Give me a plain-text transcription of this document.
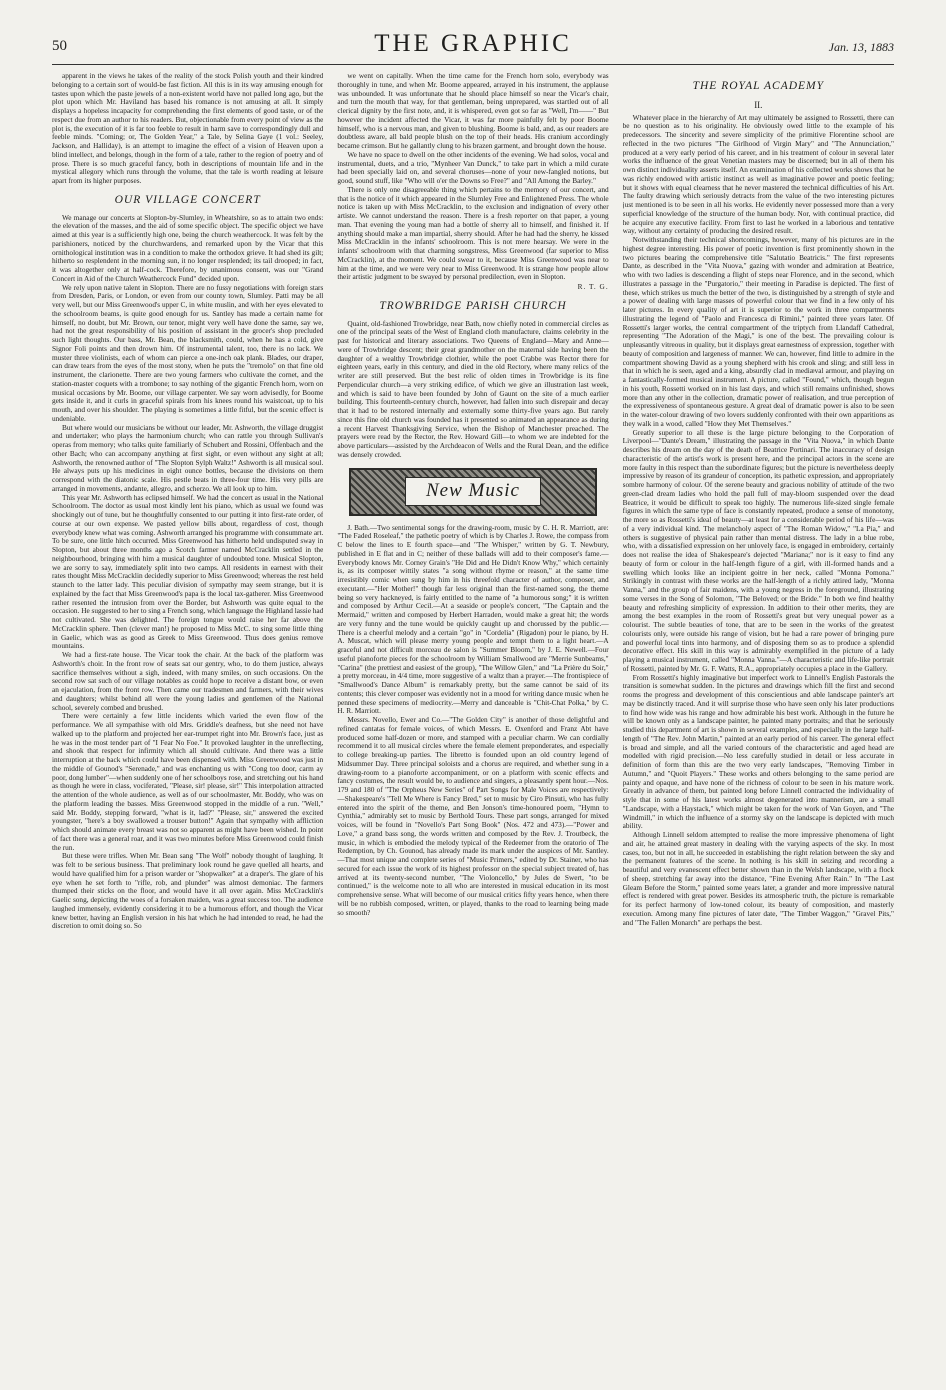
50	THE GRAPHIC	Jan. 13, 1883

apparent in the views he takes of the reality of the stock Polish youth and their kindred belonging to a certain sort of would-be fast fiction. All this is in its way amusing enough for tastes upon which the paste jewels of a non-existent world have not palled long ago, but the plot upon which Mr. Haviland has based his romance is not amusing at all. It simply displays a hopeless incapacity for comprehending the first elements of good taste, or of the respect due from an author to his readers. But, objectionable from every point of view as the plot is, the execution of it is far too feeble to result in harm save to correspondingly dull and feeble minds. "Coming; or, The Golden Year," a Tale, by Selina Gaye (1 vol.: Seeley, Jackson, and Halliday), is an attempt to imagine the effect of a vision of Heaven upon a blind intellect, and belongs, though in the form of a tale, rather to the region of poetry and of prose. There is so much graceful fancy, both in descriptions of mountain life and in the mystical allegory which runs through the volume, that the tale is worth reading at leisure apart from its higher purposes.

OUR VILLAGE CONCERT

We manage our concerts at Slopton-by-Slumley, in Wheatshire, so as to attain two ends: the elevation of the masses, and the aid of some specific object. The specific object we have aimed at this year is a sufficiently high one, being the church weathercock. It was felt by the parishioners, noticed by the churchwardens, and remarked upon by the Vicar that this ornithological institution was in a condition to make the orthodox grieve. It had shed its gilt; hitherto so resplendent in the morning sun, it no longer resplended; its tail drooped; in fact, it was altogether only at half-cock. Therefore, by unanimous consent, was our "Grand Concert in Aid of the Church Weathercock Fund" decided upon.

We rely upon native talent in Slopton. There are no fussy negotiations with foreign stars from Dresden, Paris, or London, or even from our county town, Slumley. Patti may be all very well, but our Miss Greenwood's upper C, in white muslin, and with her eyes elevated to the schoolroom beams, is quite good enough for us. Santley has made a certain name for himself, no doubt, but Mr. Brown, our tenor, might very well have done the same, say we, had not the great responsibility of his position of assistant in the grocer's shop precluded such light thoughts. Our bass, Mr. Bean, the blacksmith, could, when he has a cold, give Signor Foli points and then drown him. Of instrumental talent, too, there is no lack. We muster three violinists, each of whom can pierce a one-inch oak plank. Blades, our draper, can draw tears from the eyes of the most stony, when he puts the "tremolo" on that fine old instrument, the clarionette. There are two young farmers who cultivate the cornet, and the station-master coquets with a trombone; to say nothing of the gigantic French horn, worn on musical occasions by Mr. Boome, our village carpenter. We say worn advisedly, for Boome gets inside it, and it curls in graceful spirals from his knees round his waistcoat, up to his mouth, and over his shoulder. The playing is sometimes a little fitful, but the scenic effect is undeniable.

But where would our musicians be without our leader, Mr. Ashworth, the village druggist and undertaker; who plays the harmonium church; who can rattle you through Sullivan's operas from memory; who talks quite familiarly of Schubert and Rossini, Offenbach and the other Bach; who can accompany anything at first sight, or even without any sight at all; Ashworth, the renowned author of "The Slopton Sylph Waltz!" Ashworth is all musical soul. He always puts up his medicines in eight ounce bottles, because the divisions on them correspond with the diatonic scale. His pestle beats in three-four time. His very pills are arranged in movements, andante, allegro, and scherzo. We all look up to him.

This year Mr. Ashworth has eclipsed himself. We had the concert as usual in the National Schoolroom. The doctor as usual most kindly lent his piano, which as usual we found was shockingly out of tune, but he thoughtfully consented to our putting it into first-rate order, of course at our own expense. We pasted yellow bills about, regardless of cost, though everybody knew what was coming. Ashworth arranged his programme with consummate art. To be sure, one little hitch occurred. Miss Greenwood has hitherto held undisputed sway in Slopton, but about three months ago a Scotch farmer named McCracklin settled in the neighbourhood, bringing with him a musical daughter of undoubted tone. Musical Slopton, we are sorry to say, immediately split into two camps. All residents in earnest with their rates thought Miss McCracklin decidedly superior to Miss Greenwood; whereas the rest held staunch to the latter lady. This peculiar division of sympathy may seem strange, but it is explained by the fact that Miss Greenwood's papa is the local tax-gatherer. Miss Greenwood rather resented the intrusion from over the Border, but Ashworth was quite equal to the occasion. He suggested to her to sing a French song, which language the Highland lassie had not cultivated. She was delighted. The foreign tongue would raise her far above the McCracklin sphere. Then (clever man!) he proposed to Miss McC. to sing some little thing in Gaelic, which was as good as Greek to Miss Greenwood. Thus does genius remove mountains.

We had a first-rate house. The Vicar took the chair. At the back of the platform was Ashworth's choir. In the front row of seats sat our gentry, who, to do them justice, always sacrifice themselves without a sigh, indeed, with many smiles, on such occasions. On the second row sat such of our village notables as could hope to receive a distant bow, or even an ejaculation, from the front row. Then came our tradesmen and farmers, with their wives and daughters; whilst behind all were the young ladies and gentlemen of the National school, severely combed and brushed.

There were certainly a few little incidents which varied the even flow of the performance. We all sympathise with old Mrs. Griddle's deafness, but she need not have walked up to the platform and projected her ear-trumpet right into Mr. Brown's face, just as he was in the most tender part of "I Fear No Foe." It provoked laughter in the unreflecting, and shook that respect for infirmity which all should cultivate. And there was a little interruption at the back which could have been dispensed with. Miss Greenwood was just in the middle of Gounod's "Serenade," and was enchanting us with "Cong too door, carm ay poor, dong lumber"—when suddenly one of her schoolboys rose, and stretching out his hand as though he were in class, vociferated, "Please, sir! please, sir!" This interpolation attracted the attention of the whole audience, as well as of our schoolmaster, Mr. Boddy, who was on the platform leading the basses. Miss Greenwood stopped in the middle of a run. "Well," said Mr. Boddy, stepping forward, "what is it, lad?" "Please, sir," answered the excited youngster, "here's a boy swallowed a trouser button!" Again that sympathy with affliction which should animate every breast was not so apparent as might have been wished. In point of fact there was a general roar, and it was two minutes before Miss Greenwood could finish the run.

But these were trifles. When Mr. Bean sang "The Wolf" nobody thought of laughing. It was felt to be serious business. That preliminary look round he gave quelled all hearts, and would have qualified him for a prison warder or "shopwalker" at a draper's. The glare of his eye when he set forth to "rifle, rob, and plunder" was almost demoniac. The farmers thumped their sticks on the floor, and would have it all over again. Miss McCracklin's Gaelic song, depicting the woes of a forsaken maiden, was a great success too. The audience laughed immensely, evidently considering it to be a humorous effort, and though the Vicar knew better, having an English version in his hat which he had intended to read, he had the discretion to omit doing so. So

we went on capitally. When the time came for the French horn solo, everybody was thoroughly in tune, and when Mr. Boome appeared, arrayed in his instrument, the applause was unbounded. It was unfortunate that he should place himself so near the Vicar's chair, and turn the mouth that way, for that gentleman, being unprepared, was startled out of all clerical dignity by the first note, and, it is whispered, even got so far as "Well, I'm——" But however the incident affected the Vicar, it was far more painfully felt by poor Boome himself, who is a nervous man, and given to blushing. Boome is bald, and, as our readers are doubtless aware, all bald people blush on the top of their heads. His cranium accordingly became crimson. But he gallantly clung to his brazen garment, and brought down the house.

We have no space to dwell on the other incidents of the evening. We had solos, vocal and instrumental, duets, and a trio, "Mynheer Van Dunck," to take part in which a mild curate had been specially laid on, and several choruses—none of your new-fangled notions, but good, sound stuff, like "Who will o'er the Downs so Free?" and "All Among the Barley."

There is only one disagreeable thing which pertains to the memory of our concert, and that is the notice of it which appeared in the Slumley Free and Enlightened Press. The whole notice is taken up with Miss McCracklin, to the exclusion and indignation of every other artiste. We cannot understand the reason. There is a fresh reporter on that paper, a young man. That evening the young man had a bottle of sherry all to himself, and finished it. If anything should make a man impartial, sherry should. After he had had the sherry, he kissed Miss McCracklin in the infants' schoolroom. This is not mere hearsay. We were in the infants' schoolroom with that charming songstress, Miss Greenwood (far superior to Miss McCracklin), at the moment. We could swear to it, because Miss Greenwood was near to him at the time, and we were very near to Miss Greenwood. It is strange how people allow their artistic judgment to be swayed by personal predilection, even in Slopton.

R. T. G.
TROWBRIDGE PARISH CHURCH

Quaint, old-fashioned Trowbridge, near Bath, now chiefly noted in commercial circles as one of the principal seats of the West of England cloth manufacture, claims celebrity in the past for historical and literary associations. Two Queens of England—Mary and Anne—were of Trowbridge descent; their great grandmother on the maternal side having been the daughter of a wealthy Trowbridge clothier, while the poet Crabbe was Rector there for eighteen years, early in this century, and died in the old Rectory, where many relics of the writer are still preserved. But the best relic of olden times in Trowbridge is its fine Perpendicular church—a very striking edifice, of which we give an illustration last week, and which is said to have been founded by John of Gaunt on the site of a much earlier building. This fourteenth-century church, however, had fallen into such disrepair and decay that it had to be restored internally and externally some thirty-five years ago. But rarely since this fine old church was founded has it presented so animated an appearance as during a recent Harvest Thanksgiving Service, when the Bishop of Manchester preached. The prayers were read by the Rector, the Rev. Howard Gill—to whom we are indebted for the above particulars—assisted by the Archdeacon of Wells and the Rural Dean, and the edifice was densely crowded.

New Music

J. Bath.—Two sentimental songs for the drawing-room, music by C. H. R. Marriott, are: "The Faded Roseleaf," the pathetic poetry of which is by Charles J. Rowe, the compass from C below the lines to E fourth space—and "The Whisper," written by G. T. Newbury, published in E flat and in C; neither of these ballads will add to their composer's fame.—Everybody knows Mr. Corney Grain's "He Did and He Didn't Know Why," which certainly is, as its composer wittily states "a song without rhyme or reason," at the same time irresistibly comic when sung by him in his threefold character of author, composer, and executant.—"Her Mother!" though far less original than the first-named song, the theme being so very hackneyed, is fairly entitled to the name of "a humorous song;" it is written and composed by Arthur Cecil.—At a seaside or people's concert, "The Captain and the Mermaid," written and composed by Herbert Harraden, would make a great hit; the words are very funny and the tune would be quickly caught up and chorussed by the public.—There is a cheerful melody and a certain "go" in "Cordelia" (Rigadon) pour le piano, by H. A. Muscat, which will please merry young people and tempt them to a light heart.—A graceful and not difficult morceau de salon is "Summer Bloom," by J. E. Newell.—Four useful pianoforte pieces for the schoolroom by William Smallwood are "Merrie Sunbeams," "Carina" (the prettiest and easiest of the group), "The Willow Glen," and "La Prière du Soir," a pretty morceau, in 4/4 time, more suggestive of a waltz than a prayer.—The frontispiece of "Smallwood's Dance Album" is remarkably pretty, but the same cannot be said of its contents; this clever composer was evidently not in a mood for writing dance music when he penned these specimens of mediocrity.—Merry and danceable is "Chit-Chat Polka," by C. H. R. Marriott.

Messrs. Novello, Ewer and Co.—"The Golden City" is another of those delightful and refined cantatas for female voices, of which Messrs. E. Oxenford and Franz Abt have produced some half-dozen or more, and stamped with a peculiar charm. We can cordially recommend it to all musical circles where the female element preponderates, and especially to college breaking-up parties. The libretto is founded upon an old country legend of Midsummer Day. Three principal soloists and a chorus are required, and whether sung in a drawing-room to a pianoforte accompaniment, or on a platform with scenic effects and fancy costumes, the result would be, to audience and singers, a pleasantly spent hour.—Nos. 179 and 180 of "The Orpheus New Series" of Part Songs for Male Voices are respectively:—Shakespeare's "Tell Me Where is Fancy Bred," set to music by Ciro Pinsuti, who has fully entered into the spirit of the theme, and Ben Jonson's time-honoured poem, "Hymn to Cynthia," admirably set to music by Berthold Tours. These part songs, arranged for mixed voices, will be found in "Novello's Part Song Book" (Nos. 472 and 473).—"Power and Love," a grand bass song, the words written and composed by the Rev. J. Troutbeck, the music, in which is embodied the melody typical of the Redeemer from the oratorio of The Redemption, by Ch. Gounod, has already made its mark under the auspices of Mr. Santley.—That most unique and complete series of "Music Primers," edited by Dr. Stainer, who has secured for each issue the work of its highest professor on the special subject treated of, has arrived at its twenty-second number, "The Violoncello," by Jules de Swert, "to be continued," is the welcome note to all who are interested in musical education in its most comprehensive sense. What will become of our musical critics fifty years hence, when there will be no rubbish composed, written, or played, thanks to the road to learning being made so smooth?

THE ROYAL ACADEMY
II.

Whatever place in the hierarchy of Art may ultimately be assigned to Rossetti, there can be no question as to his originality. He obviously owed little to the example of his predecessors. The sincerity and severe simplicity of the primitive Florentine school are reflected in the two pictures "The Girlhood of Virgin Mary" and "The Annunciation," produced at a very early period of his career, and in his treatment of colour in several later works the influence of the great Venetian masters may be discerned; but in all of them his own distinct individuality asserts itself. An examination of his collected works shows that he was richly endowed with artistic instinct as well as imaginative power and poetic feeling; but it shows with equal clearness that he never mastered the technical difficulties of his Art. The faulty drawing which seriously detracts from the value of the two interesting pictures just mentioned is to be seen in all his works. He evidently never possessed more than a very superficial knowledge of the structure of the human body. Nor, with continual practice, did he acquire any executive facility. From first to last he worked in a laborious and tentative way, without any certainty of producing the desired result.

Notwithstanding their technical shortcomings, however, many of his pictures are in the highest degree interesting. His power of poetic invention is first prominently shown in the two pictures bearing the comprehensive title "Salutatio Beatricis." The first represents Dante, as described in the "Vita Nuova," gazing with wonder and admiration at Beatrice, who with two ladies is descending a flight of steps near Florence, and in the second, which illustrates a passage in the "Purgatorio," their meeting in Paradise is depicted. The first of these, which strikes us much the better of the two, is distinguished by a strength of style and a power of dealing with large masses of powerful colour that we find in a few only of his later pictures. In every quality of art it is superior to the work in three compartments illustrating the legend of "Paolo and Francesca di Rimini," painted three years later. Of Rossetti's larger works, the central compartment of the triptych from Llandaff Cathedral, representing "The Adoration of the Magi," is one of the best. The prevailing colour is unpleasantly vitreous in quality, but it displays great earnestness of expression, together with beauty of composition and largeness of manner. We can, however, find little to admire in the compartment showing David as a young shepherd with his crook and sling; and still less in that in which he is seen, aged and a king, absurdly clad in mediæval armour, and playing on a fantastically-formed musical instrument. A picture, called "Found," which, though begun in his youth, Rossetti worked on in his last days, and which still remains unfinished, shows more than any other in the collection, dramatic power of realisation, and true perception of the expressiveness of spontaneous gesture. A great deal of dramatic power is also to be seen in the water-colour drawing of two lovers suddenly confronted with their own apparitions as they walk in a wood, called "How they Met Themselves."

Greatly superior to all these is the large picture belonging to the Corporation of Liverpool—"Dante's Dream," illustrating the passage in the "Vita Nuova," in which Dante describes his dream on the day of the death of Beatrice Portinari. The inaccuracy of design characteristic of the artist's work is present here, and the principal actors in the scene are more faulty in this respect than the subordinate figures; but the picture is nevertheless deeply impressive by reason of its grandeur of conception, its pathetic expression, and appropriately sombre harmony of colour. Of the serene beauty and gracious nobility of attitude of the two green-clad dream ladies who hold the pall full of may-bloom suspended over the dead Beatrice, it would be difficult to speak too highly. The numerous life-sized single female figures in which the same type of face is constantly repeated, produce a sense of monotony, the more so as Rossetti's ideal of beauty—at least for a considerable period of his life—was of a very individual kind. The melancholy aspect of "The Roman Widow," "La Pia," and others is suggestive of physical pain rather than mental distress. The lady in a blue robe, who, with a dissatisfied expression on her unlovely face, is engaged in embroidery, certainly does not realise the idea of Shakespeare's dejected "Mariana;" nor is it easy to find any beauty of form or colour in the half-length figure of a girl, with ill-formed hands and a swelling which looks like an incipient goitre in her neck, called "Monna Pomona." Strikingly in contrast with these works are the half-length of a richly attired lady, "Monna Vanna," and the group of fair maidens, with a young negress in the foreground, illustrating some verses in the Song of Solomon, "The Beloved; or the Bride." In both we find healthy beauty and refreshing simplicity of expression. In addition to their other merits, they are among the best examples in the room of Rossetti's great but very unequal power as a colourist. The subtle beauties of tone, that are to be seen in the works of the greatest colourists only, were outside his range of vision, but he had a rare power of bringing pure and powerful local tints into harmony, and of disposing them so as to produce a splendid decorative effect. His skill in this way is admirably exemplified in the picture of a lady playing a musical instrument, called "Monna Vanna."—A characteristic and life-like portrait of Rossetti, painted by Mr. G. F. Watts, R.A., appropriately occupies a place in the Gallery.

From Rossetti's highly imaginative but imperfect work to Linnell's English Pastorals the transition is somewhat sudden. In the pictures and drawings which fill the first and second rooms the progress and development of this conscientious and able landscape painter's art may be distinctly traced. And it will surprise those who have seen only his later productions to find how wide was his range and how admirable his best work. Although in the future he will be known only as a landscape painter, he painted many portraits; and that he seriously studied this department of art is shown in several examples, and especially in the large half-length of "The Rev. John Martin," painted at an early period of his career. The general effect is broad and simple, and all the varied contours of the characteristic and aged head are modelled with rigid precision.—No less carefully studied in detail or less accurate in definition of form than this are the two very early landscapes, "Removing Timber in Autumn," and "Quoit Players." These works and others belonging to the same period are painty and opaque, and have none of the richness of colour to be seen in his mature work. Greatly in advance of them, but painted long before Linnell contracted the individuality of style that in some of his latest works almost degenerated into mannerism, are a small "Landscape, with a Haystack," which might be taken for the work of Van Goyen, and "The Windmill," in which the influence of a stormy sky on the landscape is depicted with much ability.

Although Linnell seldom attempted to realise the more impressive phenomena of light and air, he attained great mastery in dealing with the varying aspects of the sky. In most cases, too, but not in all, he succeeded in establishing the right relation between the sky and the permanent features of the scene. In nothing is his skill in seizing and recording a beautiful and very evanescent effect better shown than in the Welsh landscape, with a flock of sheep, stretching far away into the distance, "Fine Evening After Rain." In "The Last Gleam Before the Storm," painted some years later, a grander and more impressive natural effect is rendered with great power. Besides its atmospheric truth, the picture is remarkable for its perfect harmony of low-toned colour, its beauty of composition, and masterly execution. Among many fine pictures of later date, "The Timber Waggon," "Gravel Pits," and "The Fallen Monarch" are perhaps the best.
